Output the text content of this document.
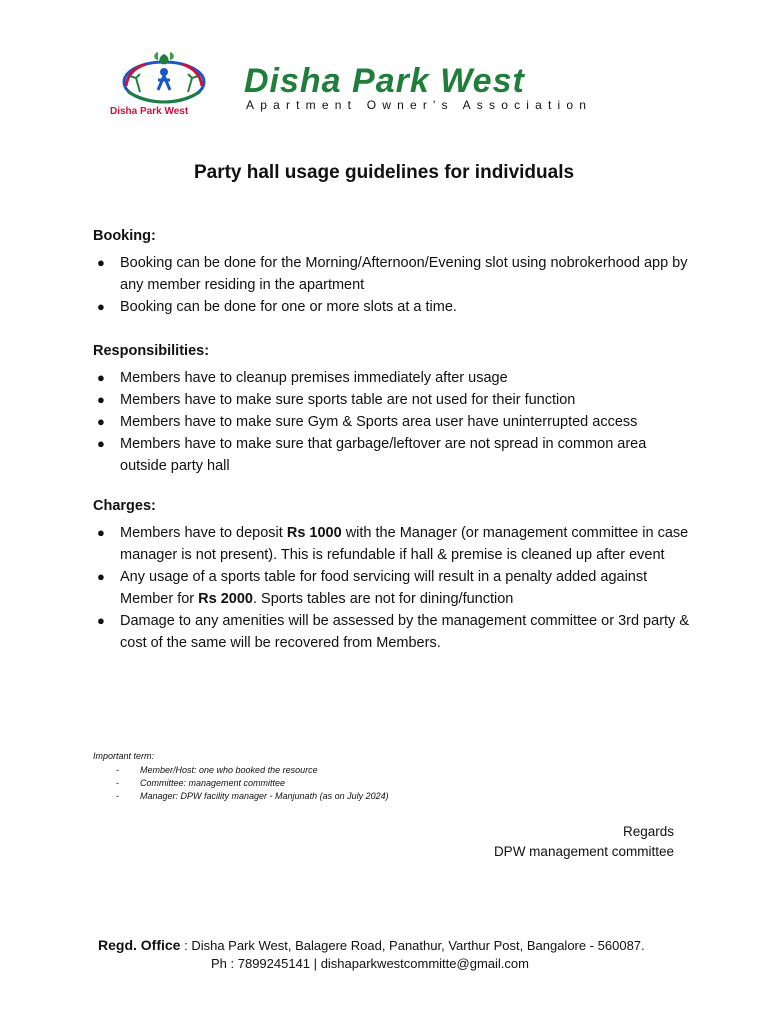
Disha Park West
Disha Park West
Apartment Owner's Association
Party hall usage guidelines for individuals
Booking:
● Booking can be done for the Morning/Afternoon/Evening slot using nobrokerhood app by any member residing in the apartment
● Booking can be done for one or more slots at a time.
Responsibilities:
● Members have to cleanup premises immediately after usage
● Members have to make sure sports table are not used for their function
● Members have to make sure Gym & Sports area user have uninterrupted access
● Members have to make sure that garbage/leftover are not spread in common area outside party hall
Charges:
● Members have to deposit Rs 1000 with the Manager (or management committee in case manager is not present). This is refundable if hall & premise is cleaned up after event
● Any usage of a sports table for food servicing will result in a penalty added against Member for Rs 2000. Sports tables are not for dining/function
● Damage to any amenities will be assessed by the management committee or 3rd party & cost of the same will be recovered from Members.
Important term:
- Member/Host: one who booked the resource
- Committee: management committee
- Manager: DPW facility manager - Manjunath (as on July 2024)
Regards
DPW management committee
Regd. Office : Disha Park West, Balagere Road, Panathur, Varthur Post, Bangalore - 560087.
Ph : 7899245141 | dishaparkwestcommitte@gmail.com
